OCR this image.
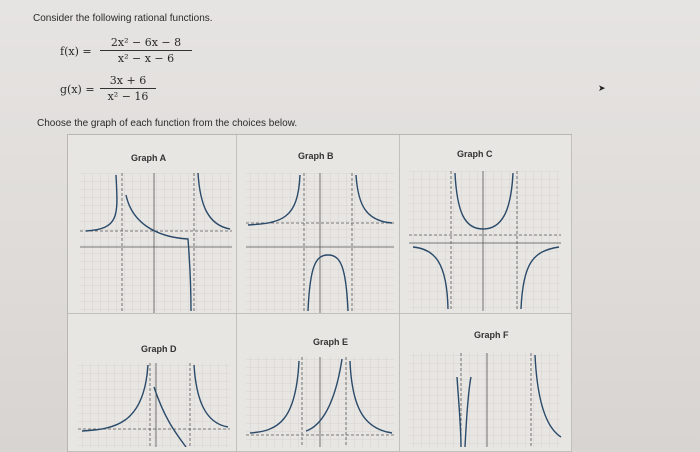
Consider the following rational functions.
f(x) =
2x² − 6x − 8
x² − x − 6
g(x) =
3x + 6
x² − 16
Choose the graph of each function from the choices below.
➤
Graph A	Graph B	Graph C
Graph D
Graph E
Graph F
